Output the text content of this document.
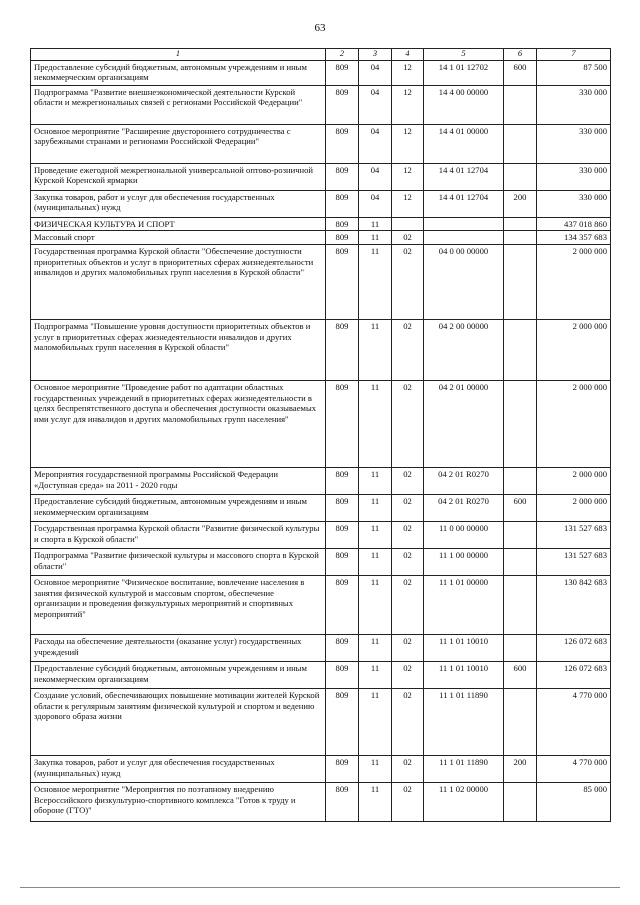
63
1	2	3	4	5	6	7
Предоставление субсидий бюджетным, автономным учреждениям и иным некоммерческим организациям	809	04	12	14 1 01 12702	600	87 500
Подпрограмма "Развитие внешнеэкономической деятельности Курской области и межрегиональных связей с регионами Российской Федерации"	809	04	12	14 4 00 00000		330 000
Основное мероприятие "Расширение двустороннего сотрудничества с зарубежными странами и регионами Российской Федерации"	809	04	12	14 4 01 00000		330 000
Проведение ежегодной межрегиональной универсальной оптово-розничной Курской Коренской ярмарки	809	04	12	14 4 01 12704		330 000
Закупка товаров, работ и услуг для обеспечения государственных (муниципальных) нужд	809	04	12	14 4 01 12704	200	330 000
ФИЗИЧЕСКАЯ КУЛЬТУРА И СПОРТ	809	11				437 018 860
Массовый спорт	809	11	02			134 357 683
Государственная программа Курской области "Обеспечение доступности приоритетных объектов и услуг в приоритетных сферах жизнедеятельности инвалидов и других маломобильных групп населения в Курской области"	809	11	02	04 0 00 00000		2 000 000
Подпрограмма "Повышение уровня доступности приоритетных объектов и услуг в приоритетных сферах жизнедеятельности инвалидов и других маломобильных групп населения в Курской области"	809	11	02	04 2 00 00000		2 000 000
Основное мероприятие "Проведение работ по адаптации областных государственных учреждений в приоритетных сферах жизнедеятельности в целях беспрепятственного доступа и обеспечения доступности оказываемых ими услуг для инвалидов и других маломобильных групп населения"	809	11	02	04 2 01 00000		2 000 000
Мероприятия государственной программы Российской Федерации «Доступная среда» на 2011 - 2020 годы	809	11	02	04 2 01 R0270		2 000 000
Предоставление субсидий бюджетным, автономным учреждениям и иным некоммерческим организациям	809	11	02	04 2 01 R0270	600	2 000 000
Государственная программа Курской области "Развитие физической культуры и спорта в Курской области"	809	11	02	11 0 00 00000		131 527 683
Подпрограмма "Развитие физической культуры и массового спорта в Курской области"	809	11	02	11 1 00 00000		131 527 683
Основное мероприятие "Физическое воспитание, вовлечение населения в занятия физической культурой и массовым спортом, обеспечение организации и проведения физкультурных мероприятий и спортивных мероприятий"	809	11	02	11 1 01 00000		130 842 683
Расходы на обеспечение деятельности (оказание услуг) государственных учреждений	809	11	02	11 1 01 10010		126 072 683
Предоставление субсидий бюджетным, автономным учреждениям и иным некоммерческим организациям	809	11	02	11 1 01 10010	600	126 072 683
Создание условий, обеспечивающих повышение мотивации жителей Курской области к регулярным занятиям физической культурой и спортом и ведению здорового образа жизни	809	11	02	11 1 01 11890		4 770 000
Закупка товаров, работ и услуг для обеспечения государственных (муниципальных) нужд	809	11	02	11 1 01 11890	200	4 770 000
Основное мероприятие "Мероприятия по поэтапному внедрению Всероссийского физкультурно-спортивного комплекса "Готов к труду и обороне (ГТО)"	809	11	02	11 1 02 00000		85 000
